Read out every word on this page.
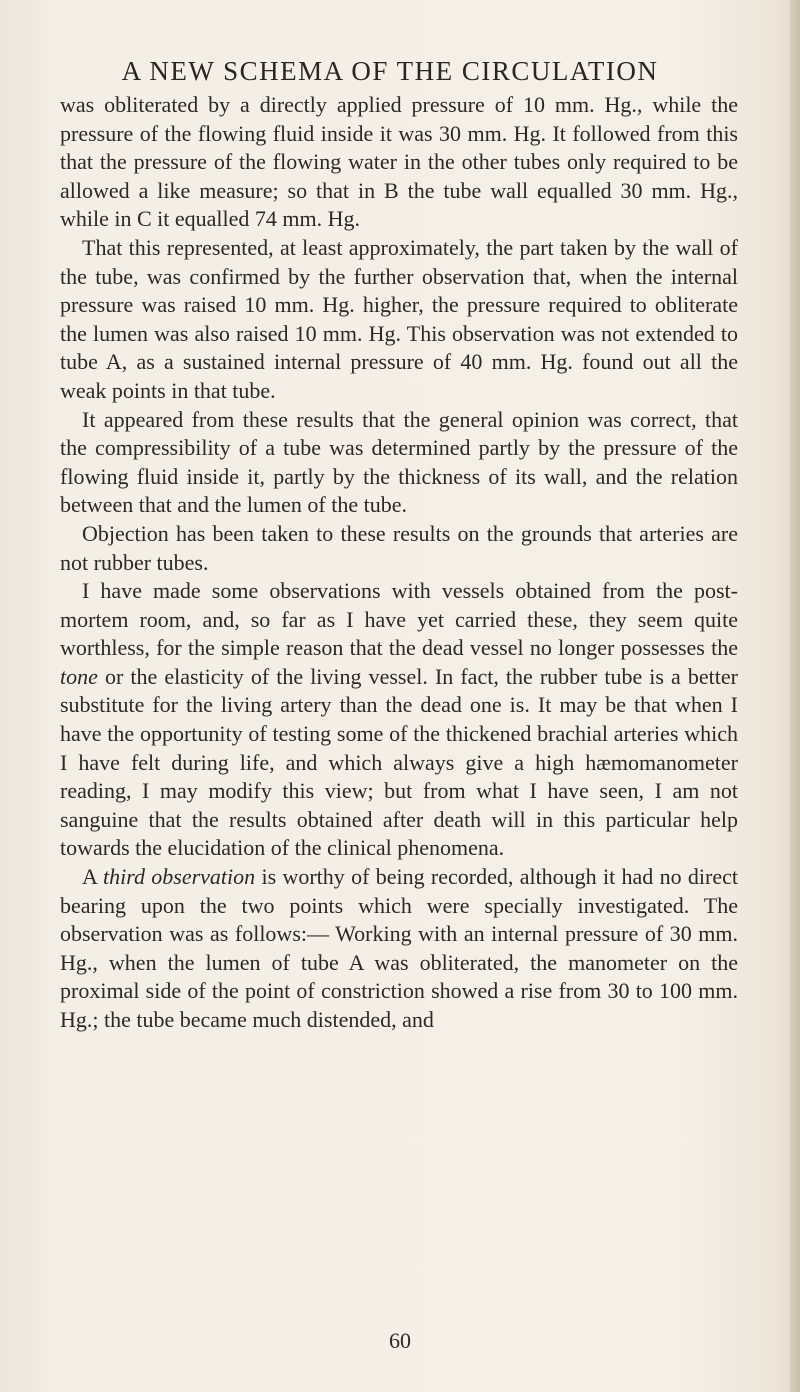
A NEW SCHEMA OF THE CIRCULATION

was obliterated by a directly applied pressure of 10 mm. Hg., while the pressure of the flowing fluid inside it was 30 mm. Hg. It followed from this that the pressure of the flowing water in the other tubes only required to be allowed a like measure; so that in B the tube wall equalled 30 mm. Hg., while in C it equalled 74 mm. Hg.

That this represented, at least approximately, the part taken by the wall of the tube, was confirmed by the further observation that, when the internal pressure was raised 10 mm. Hg. higher, the pressure required to obliterate the lumen was also raised 10 mm. Hg. This observation was not extended to tube A, as a sustained internal pressure of 40 mm. Hg. found out all the weak points in that tube.

It appeared from these results that the general opinion was correct, that the compressibility of a tube was determined partly by the pressure of the flowing fluid inside it, partly by the thickness of its wall, and the relation between that and the lumen of the tube.

Objection has been taken to these results on the grounds that arteries are not rubber tubes.

I have made some observations with vessels obtained from the post-mortem room, and, so far as I have yet carried these, they seem quite worthless, for the simple reason that the dead vessel no longer possesses the tone or the elasticity of the living vessel. In fact, the rubber tube is a better substitute for the living artery than the dead one is. It may be that when I have the opportunity of testing some of the thickened brachial arteries which I have felt during life, and which always give a high hæmomanometer reading, I may modify this view; but from what I have seen, I am not sanguine that the results obtained after death will in this particular help towards the elucidation of the clinical phenomena.

A third observation is worthy of being recorded, although it had no direct bearing upon the two points which were specially investigated. The observation was as follows:— Working with an internal pressure of 30 mm. Hg., when the lumen of tube A was obliterated, the manometer on the proximal side of the point of constriction showed a rise from 30 to 100 mm. Hg.; the tube became much distended, and

60
